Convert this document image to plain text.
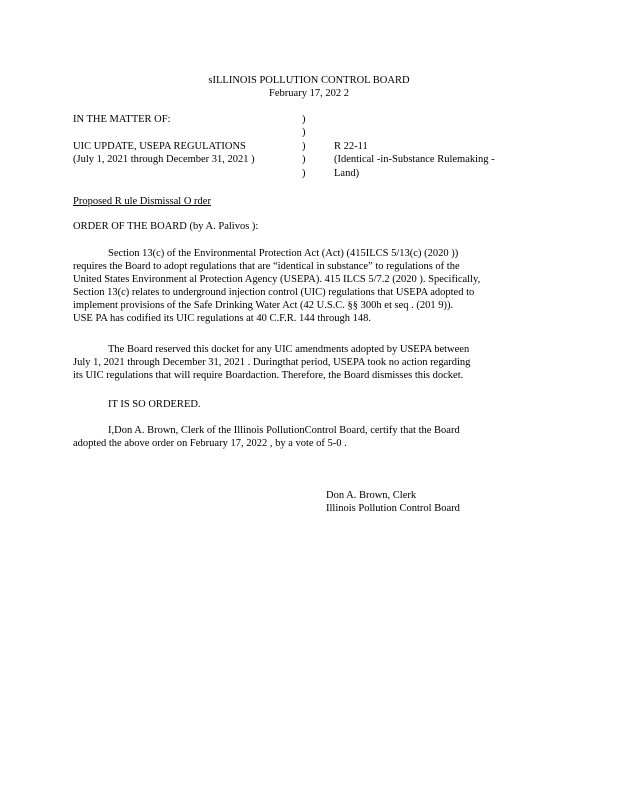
sILLINOIS POLLUTION CONTROL BOARD
February 17, 202 2
IN THE MATTER OF:
UIC UPDATE, USEPA REGULATIONS
(July 1, 2021 through December 31, 2021 )
)
)
)
)
)
R 22-11
(Identical -in-Substance Rulemaking -
Land)
Proposed R ule Dismissal O rder
ORDER OF THE BOARD (by A. Palivos ):
Section 13(c) of the Environmental Protection Act (Act) (415ILCS 5/13(c) (2020 ))
requires the Board to adopt regulations that are “identical in substance” to regulations of the
United States Environment al Protection Agency (USEPA). 415 ILCS 5/7.2 (2020 ). Specifically,
Section 13(c) relates to underground injection control (UIC) regulations that USEPA adopted to
implement provisions of the Safe Drinking Water Act (42 U.S.C. §§ 300h et seq . (201 9)).
USE PA has codified its UIC regulations at 40 C.F.R. 144 through 148.
The Board reserved this docket for any UIC amendments adopted by USEPA between
July 1, 2021 through December 31, 2021 . Duringthat period, USEPA took no action regarding
its UIC regulations that will require Boardaction. Therefore, the Board dismisses this docket.
IT IS SO ORDERED.
I,Don A. Brown, Clerk of the Illinois PollutionControl Board, certify that the Board
adopted the above order on February 17, 2022 , by a vote of 5-0 .
Don A. Brown, Clerk
Illinois Pollution Control Board
